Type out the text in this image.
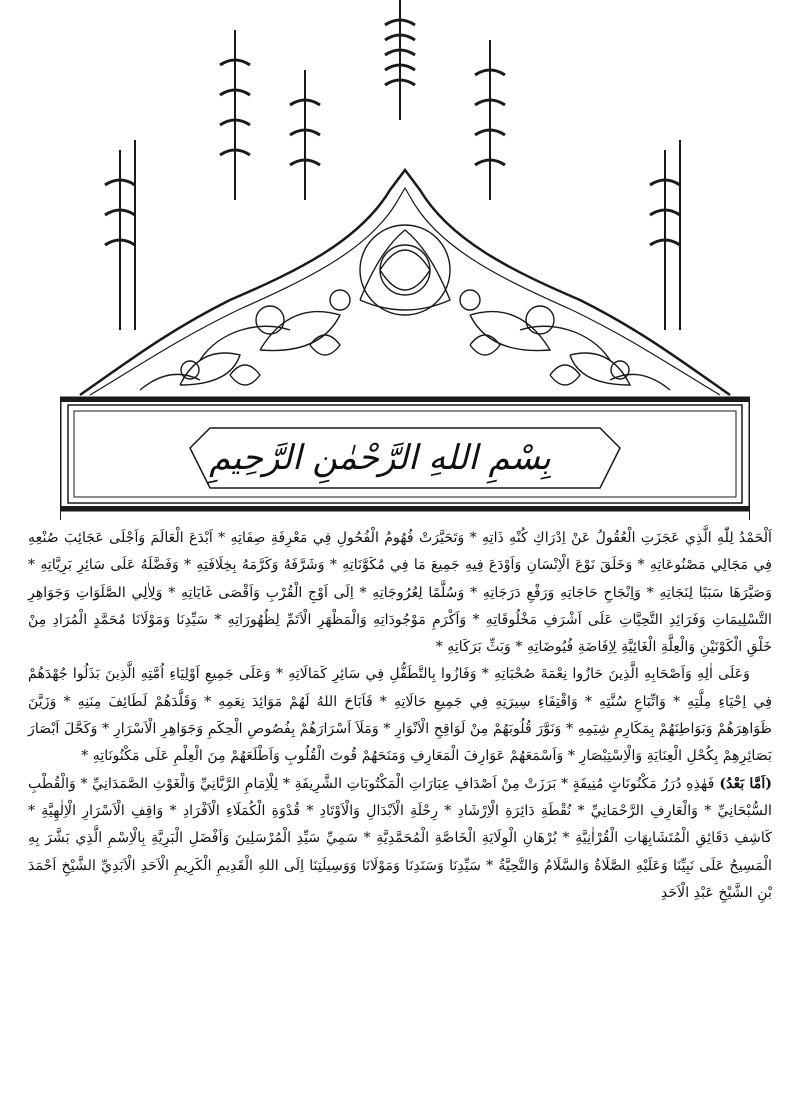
بِسْمِ اللهِ الرَّحْمٰنِ الرَّحِيمِ

اَلْحَمْدُ لِلّٰهِ الَّذِي عَجَزَتِ الْعُقُولُ عَنْ اِدْرَاكِ كُنْهِ ذَاتِهِ * وَتَحَيَّرَتْ فُهُومُ الْفُحُولِ فِي مَعْرِفَةِ صِفَاتِهِ * اَبْدَعَ الْعَالَمَ وَاَجْلَى عَجَائِبَ صُنْعِهِ فِي مَجَالِي مَصْنُوعَاتِهِ * وَخَلَقَ نَوْعَ الْاِنْسَانِ وَاَوْدَعَ فِيهِ جَمِيعَ مَا فِي مُكَوَّنَاتِهِ * وَشَرَّفَهُ وَكَرَّمَهُ بِخِلَافَتِهِ * وَفَضَّلَهُ عَلَى سَائِرِ بَرِيَّاتِهِ * وَصَيَّرَهَا سَبَبًا لِنَجَاتِهِ * وَاِنْجَاحِ حَاجَاتِهِ وَرَفْعِ دَرَجَاتِهِ * وَسُلَّمًا لِعُرُوجَاتِهِ * اِلَى اَوْجِ الْقُرْبِ وَاَقْصَى غَايَاتِهِ * وَلِاٰلِي الصَّلَوَاتِ وَجَوَاهِرِ التَّسْلِيمَاتِ وَفَرَائِدِ التَّحِيَّاتِ عَلَى اَشْرَفِ مَخْلُوقَاتِهِ * وَاَكْرَمِ مَوْجُودَاتِهِ وَالْمَظْهَرِ الْاَتَمِّ لِظُهُورَاتِهِ * سَيِّدِنَا وَمَوْلَانَا مُحَمَّدٍ الْمُرَادِ مِنْ خَلْقِ الْكَوْنَيْنِ وَالْعِلَّةِ الْغَائِيَّةِ لِاِفَاضَةِ فُيُوضَاتِهِ * وَبَثِّ بَرَكَاتِهِ *

وَعَلَى اٰلِهِ وَاَصْحَابِهِ الَّذِينَ حَازُوا نِعْمَةَ صُحْبَاتِهِ * وَفَازُوا بِالتَّطَفُّلِ فِي سَائِرِ كَمَالَاتِهِ * وَعَلَى جَمِيعِ اَوْلِيَاءِ اُمَّتِهِ الَّذِينَ بَذَلُوا جُهْدَهُمْ فِي اِحْيَاءِ مِلَّتِهِ * وَاتِّبَاعِ سُنَّتِهِ * وَاقْتِفَاءِ سِيرَتِهِ فِي جَمِيعِ حَالَاتِهِ * فَاَبَاحَ اللهُ لَهُمْ مَوَائِدَ نِعَمِهِ * وَقَلَّدَهُمْ لَطَائِفَ مِنَنِهِ * وَزَيَّنَ ظَوَاهِرَهُمْ وَبَوَاطِنَهُمْ بِمَكَارِمِ شِيَمِهِ * وَنَوَّرَ قُلُوبَهُمْ مِنْ لَوَاقِحِ الْاَنْوَارِ * وَمَلَاَ اَسْرَارَهُمْ بِفُصُوصِ الْحِكَمِ وَجَوَاهِرِ الْاَسْرَارِ * وَكَحَّلَ اَبْصَارَ بَصَائِرِهِمْ بِكُحْلِ الْعِنَايَةِ وَالْاِسْتِبْصَارِ * وَاَسْمَعَهُمْ عَوَارِفَ الْمَعَارِفِ وَمَنَحَهُمْ قُوتَ الْقُلُوبِ وَاَطْلَعَهُمْ مِنَ الْعِلْمِ عَلَى مَكْنُونَاتِهِ *

(اَمَّا بَعْدُ) فَهٰذِهِ دُرَرُ مَكْنُونَاتٍ مُنِيفَةٍ * بَرَزَتْ مِنْ اَصْدَافِ عِبَارَاتِ الْمَكْتُوبَاتِ الشَّرِيفَةِ * لِلْاِمَامِ الرَّبَّانِيِّ وَالْغَوْثِ الصَّمَدَانِيِّ * وَالْقُطْبِ السُّبْحَانِيِّ * وَالْعَارِفِ الرَّحْمَانِيِّ * نُقْطَةِ دَائِرَةِ الْاِرْشَادِ * رِحْلَةِ الْاَبْدَالِ وَالْاَوْتَادِ * قُدْوَةِ الْكُمَلَاءِ الْاَفْرَادِ * وَاقِفِ الْاَسْرَارِ الْاِلٰهِيَّةِ * كَاشِفِ دَقَائِقِ الْمُتَشَابِهَاتِ الْقُرْاٰنِيَّةِ * بُرْهَانِ الْوِلَايَةِ الْخَاصَّةِ الْمُحَمَّدِيَّةِ * سَمِيِّ سَيِّدِ الْمُرْسَلِينَ وَاَفْضَلِ الْبَرِيَّةِ بِالْاِسْمِ الَّذِي بَشَّرَ بِهِ الْمَسِيحُ عَلَى نَبِيِّنَا وَعَلَيْهِ الصَّلَاةُ وَالسَّلَامُ وَالتَّحِيَّةُ * سَيِّدِنَا وَسَنَدِنَا وَمَوْلَانَا وَوَسِيلَتِنَا اِلَى اللهِ الْقَدِيمِ الْكَرِيمِ الْاَحَدِ الْاَبَدِيِّ الشَّيْخِ اَحْمَدَ بْنِ الشَّيْخِ عَبْدِ الْاَحَدِ
